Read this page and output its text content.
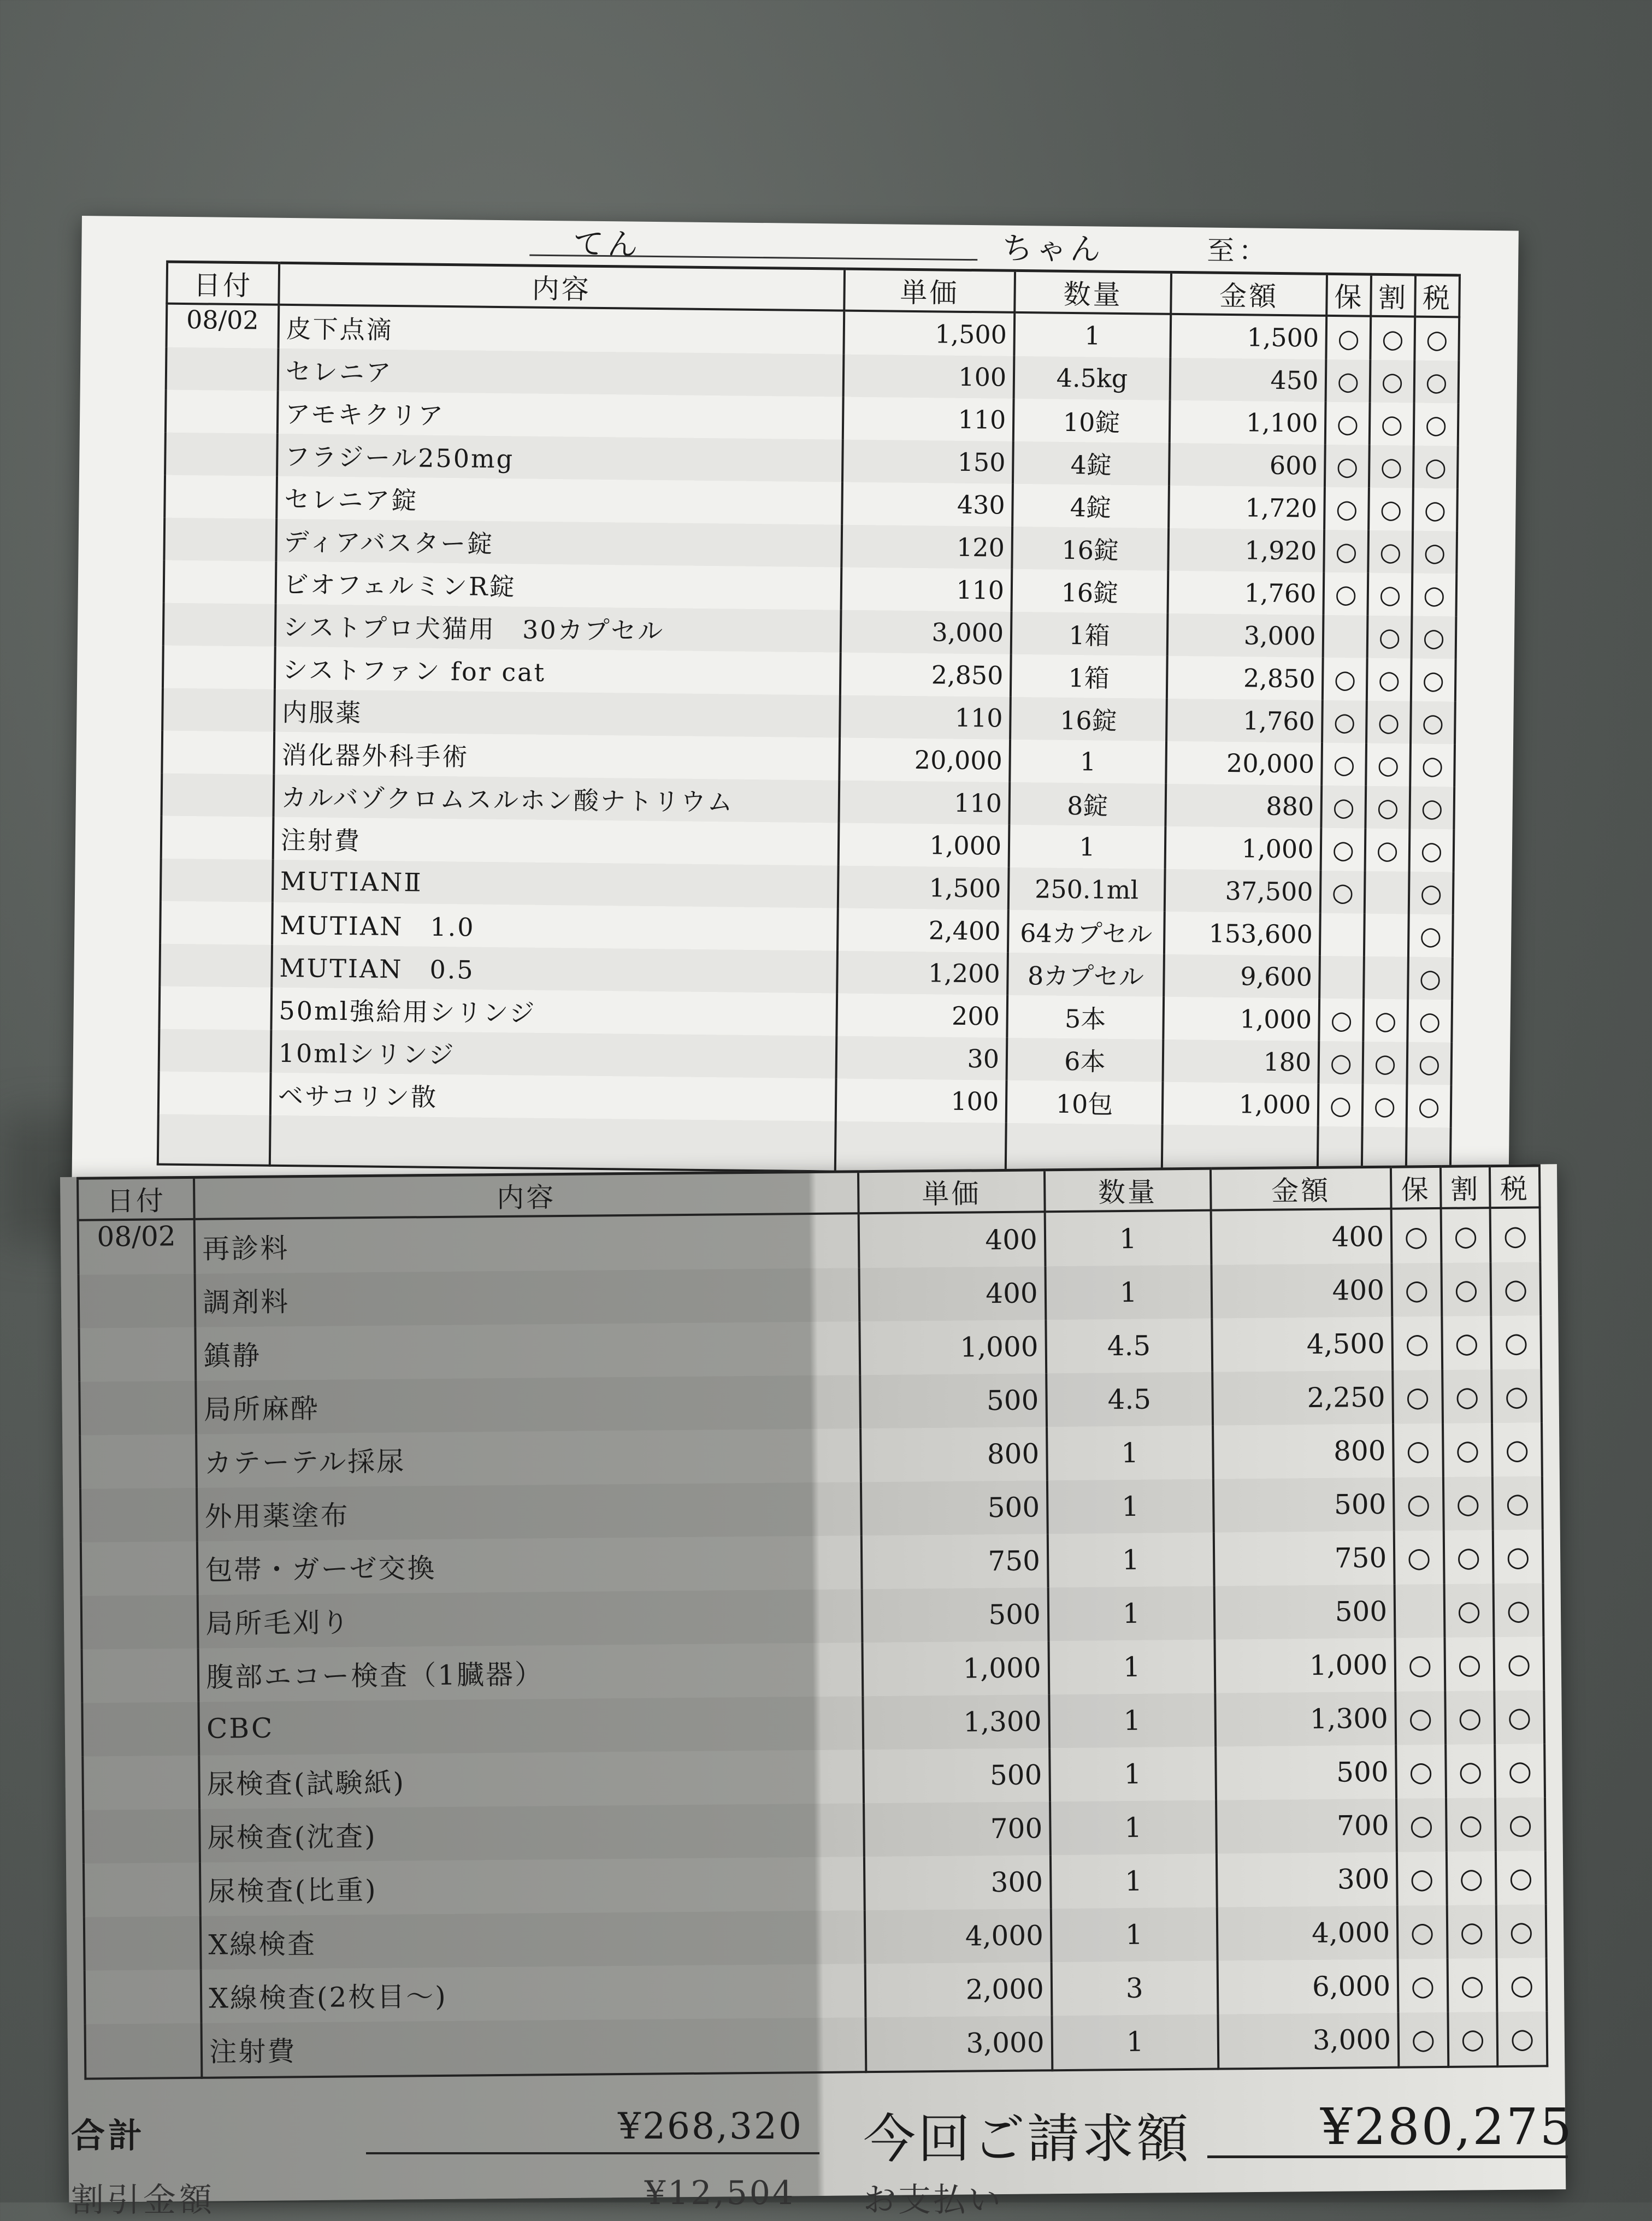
てん	ちゃん	至：
日付	内容	単価	数量	金額	保	割	税
08/02	皮下点滴	1,500	1	1,500	○	○	○
	セレニア	100	4.5kg	450	○	○	○
	アモキクリア	110	10錠	1,100	○	○	○
	フラジール250mg	150	4錠	600	○	○	○
	セレニア錠	430	4錠	1,720	○	○	○
	ディアバスター錠	120	16錠	1,920	○	○	○
	ビオフェルミンR錠	110	16錠	1,760	○	○	○
	シストプロ犬猫用　30カプセル	3,000	1箱	3,000		○	○
	シストファン for cat	2,850	1箱	2,850	○	○	○
	内服薬	110	16錠	1,760	○	○	○
	消化器外科手術	20,000	1	20,000	○	○	○
	カルバゾクロムスルホン酸ナトリウム	110	8錠	880	○	○	○
	注射費	1,000	1	1,000	○	○	○
	MUTIANⅡ	1,500	250.1ml	37,500	○		○
	MUTIAN　1.0	2,400	64カプセル	153,600			○
	MUTIAN　0.5	1,200	8カプセル	9,600			○
	50ml強給用シリンジ	200	5本	1,000	○	○	○
	10mlシリンジ	30	6本	180	○	○	○
	ベサコリン散	100	10包	1,000	○	○	○

日付	内容	単価	数量	金額	保	割	税
08/02	再診料	400	1	400	○	○	○
	調剤料	400	1	400	○	○	○
	鎮静	1,000	4.5	4,500	○	○	○
	局所麻酔	500	4.5	2,250	○	○	○
	カテーテル採尿	800	1	800	○	○	○
	外用薬塗布	500	1	500	○	○	○
	包帯・ガーゼ交換	750	1	750	○	○	○
	局所毛刈り	500	1	500		○	○
	腹部エコー検査（1臓器）	1,000	1	1,000	○	○	○
	CBC	1,300	1	1,300	○	○	○
	尿検査(試験紙)	500	1	500	○	○	○
	尿検査(沈査)	700	1	700	○	○	○
	尿検査(比重)	300	1	300	○	○	○
	X線検査	4,000	1	4,000	○	○	○
	X線検査(2枚目～)	2,000	3	6,000	○	○	○
	注射費	3,000	1	3,000	○	○	○
合計	¥268,320 今回ご請求額	¥280,275
割引金額	¥12,504 お支払い
